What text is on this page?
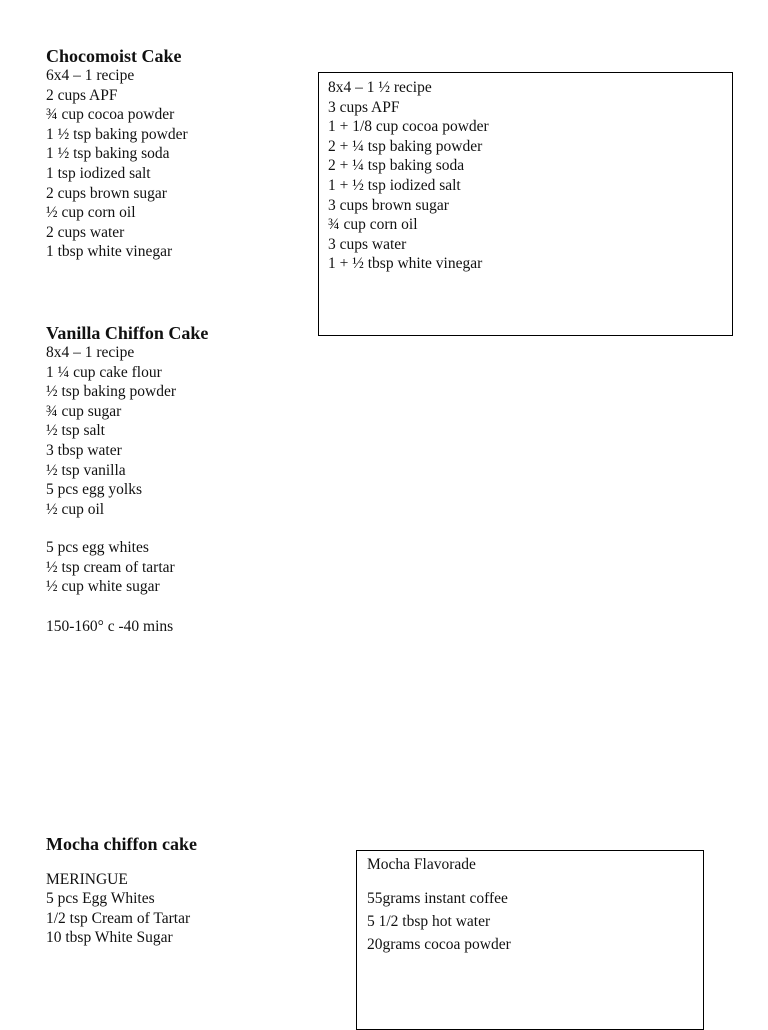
Chocomoist Cake
6x4 – 1 recipe
2 cups APF
¾ cup cocoa powder
1 ½ tsp baking powder
1 ½ tsp baking soda
1 tsp iodized salt
2 cups brown sugar
½ cup corn oil
2 cups water
1 tbsp white vinegar
8x4 – 1 ½ recipe
3 cups APF
1 + 1/8 cup cocoa powder
2 + ¼ tsp baking powder
2 + ¼ tsp baking soda
1 + ½ tsp iodized salt
3 cups brown sugar
¾ cup corn oil
3 cups water
1 + ½ tbsp white vinegar
Vanilla Chiffon Cake
8x4 – 1 recipe
1 ¼ cup cake flour
½ tsp baking powder
¾ cup sugar
½ tsp salt
3 tbsp water
½ tsp vanilla
5 pcs egg yolks
½ cup oil
5 pcs egg whites
½ tsp cream of tartar
½ cup white sugar
150-160° c -40 mins
Mocha chiffon cake
MERINGUE
5 pcs Egg Whites
1/2 tsp Cream of Tartar
10 tbsp White Sugar
Mocha Flavorade
55grams instant coffee
5 1/2 tbsp hot water
20grams cocoa powder
